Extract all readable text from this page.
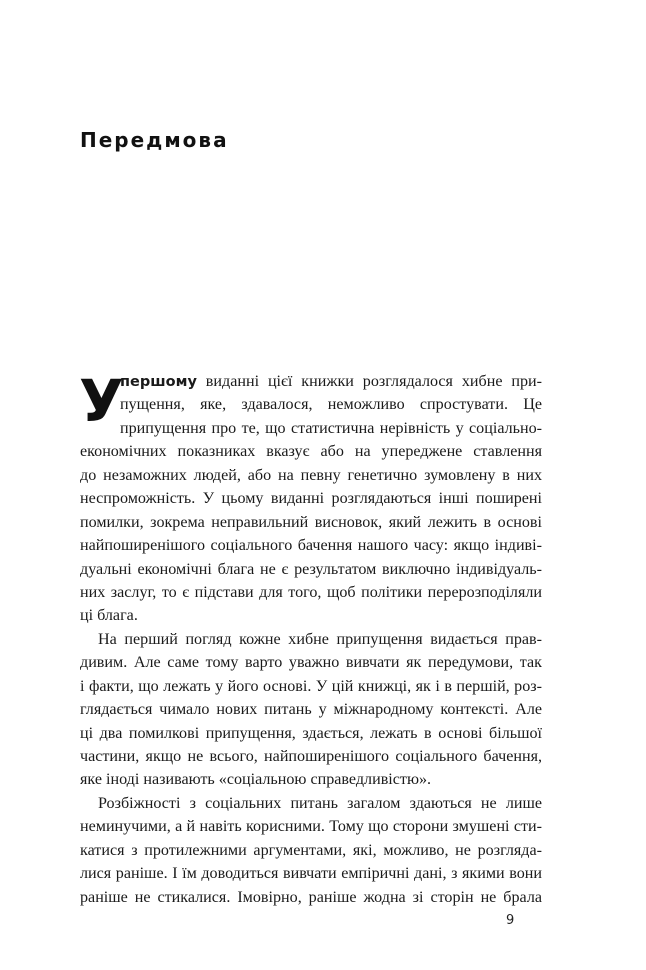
Передмова
У
першому виданні цієї книжки розглядалося хибне при-
пущення, яке, здавалося, неможливо спростувати. Це
припущення про те, що статистична нерівність у соціально-
економічних показниках вказує або на упереджене ставлення
до незаможних людей, або на певну генетично зумовлену в них
неспроможність. У цьому виданні розглядаються інші поширені
помилки, зокрема неправильний висновок, який лежить в основі
найпоширенішого соціального бачення нашого часу: якщо індиві-
дуальні економічні блага не є результатом виключно індивідуаль-
них заслуг, то є підстави для того, щоб політики перерозподіляли
ці блага.
На перший погляд кожне хибне припущення видається прав-
дивим. Але саме тому варто уважно вивчати як передумови, так
і факти, що лежать у його основі. У цій книжці, як і в першій, роз-
глядається чимало нових питань у міжнародному контексті. Але
ці два помилкові припущення, здається, лежать в основі більшої
частини, якщо не всього, найпоширенішого соціального бачення,
яке іноді називають «соціальною справедливістю».
Розбіжності з соціальних питань загалом здаються не лише
неминучими, а й навіть корисними. Тому що сторони змушені сти-
катися з протилежними аргументами, які, можливо, не розглядa-
лися раніше. І їм доводиться вивчати емпіричні дані, з якими вони
раніше не стикалися. Імовірно, раніше жодна зі сторін не брала
9
